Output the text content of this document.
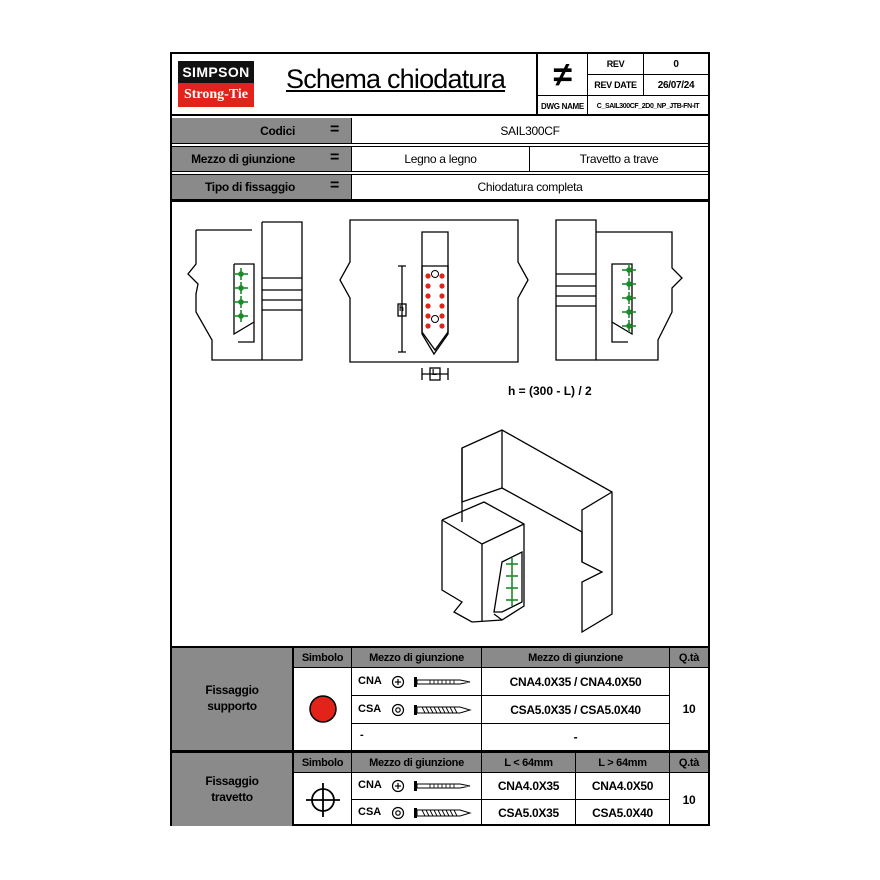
SIMPSON
Strong-Tie
Schema chiodatura ≠
DWG NAME
REV	0
REV DATE	26/07/24
C_SAIL300CF_2D0_NP_JTB-FN-IT
Codici	=	SAIL300CF
Mezzo di giunzione	=	Legno a legno	Travetto a trave
Tipo di fissaggio	=	Chiodatura completa
h
L
h = (300 - L) / 2
Fissaggio supporto
Simbolo	Mezzo di giunzione	Mezzo di giunzione	Q.tà
CNA	CNA4.0X35 / CNA4.0X50
CSA	CSA5.0X35 / CSA5.0X40
-	-
10
Fissaggio travetto
Simbolo	Mezzo di giunzione	L < 64mm	L > 64mm	Q.tà
CNA	CNA4.0X35	CNA4.0X50
CSA	CSA5.0X35	CSA5.0X40
10
